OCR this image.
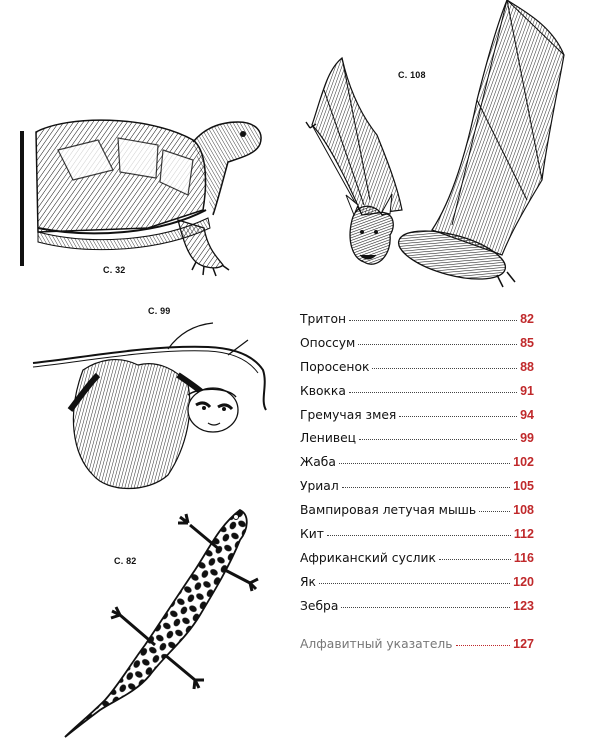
С. 32
С. 108
С. 99
С. 82
Тритон	82
Опоссум	85
Поросенок	88
Квокка	91
Гремучая змея	94
Ленивец	99
Жаба	102
Уриал	105
Вампировая летучая мышь	108
Кит	112
Африканский суслик	116
Як	120
Зебра	123
Алфавитный указатель	127
